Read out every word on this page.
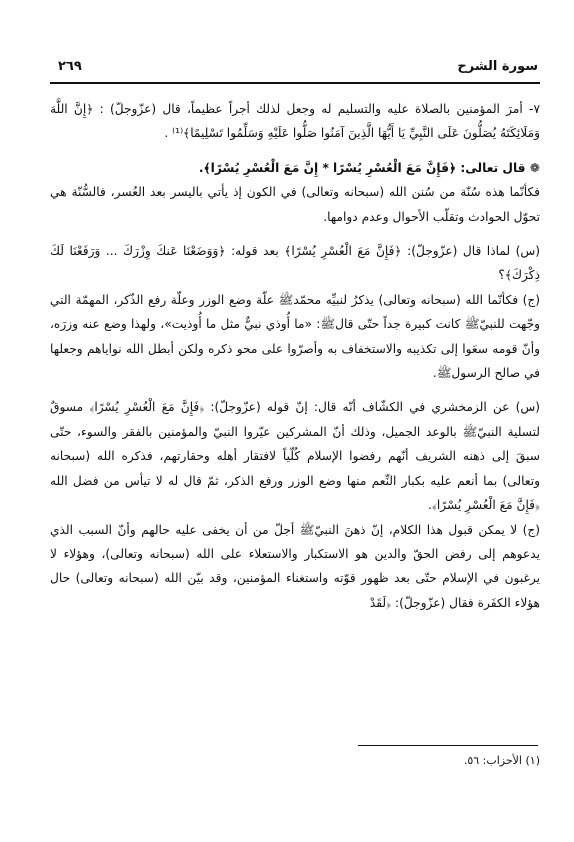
سورة الشرح
٢٦٩

٧- أمرَ المؤمنين بالصلاة عليه والتسليم له وجعل لذلك أجراً عظيماً، قال (عزّوجلّ) : ﴿إِنَّ اللَّهَ وَمَلَائِكَتَهُ يُصَلُّونَ عَلَى النَّبِيِّ يَا أَيُّهَا الَّذِينَ آمَنُوا صَلُّوا عَلَيْهِ وَسَلِّمُوا تَسْلِيمًا﴾⁽¹⁾ .

❁ قال تعالى: ﴿فَإِنَّ مَعَ الْعُسْرِ يُسْرًا * إِنَّ مَعَ الْعُسْرِ يُسْرًا﴾.

فكأنّما هذه سُنّة من سُنن الله (سبحانه وتعالى) في الكون إذ يأتي باليسر بعد العُسر، فالسُّنّة هي تحوّل الحوادث وتقلّب الأحوال وعدم دوامها.

(س) لماذا قال (عزّوجلّ): ﴿فَإِنَّ مَعَ الْعُسْرِ يُسْرًا﴾ بعد قوله: ﴿وَوَضَعْنَا عَنكَ وِزْرَكَ ... وَرَفَعْنَا لَكَ ذِكْرَكَ﴾؟

(ج) فكأنّما الله (سبحانه وتعالى) يذكرُ لنبيِّه محمّدﷺ علّة وضع الوزر وعلّة رفع الذّكر، المهمّة التي وجّهت للنبيّﷺ كانت كبيرة جداً حتّى قالﷺ: «ما أُوذي نبيٌّ مثل ما أُوذيت»، ولهذا وضع عنه وزرَه، وأنّ قومه سعَوا إلى تكذيبه والاستخفاف به وأصرّوا على محو ذكره ولكن أبطل الله نواياهم وجعلها في صالح الرسولﷺ.

(س) عن الزمخشري في الكشّاف أنّه قال: إنّ قوله (عزّوجلّ): ﴿فَإِنَّ مَعَ الْعُسْرِ يُسْرًا﴾ مسوقٌ لتسلية النبيّﷺ بالوعد الجميل، وذلك أنّ المشركين عيّروا النبيّ والمؤمنين بالفقر والسوء، حتّى سبقَ إلى ذهنه الشريف أنّهم رفضوا الإسلام كُلّياً لافتقار أهله وحقارتهم، فذكره الله (سبحانه وتعالى) بما أنعم عليه بكبار النِّعم منها وضع الوزر ورفع الذكر، ثمّ قال له لا تيأس من فضل الله ﴿فَإِنَّ مَعَ الْعُسْرِ يُسْرًا﴾.

(ج) لا يمكن قبول هذا الكلام، إنّ ذهنَ النبيّﷺ أجلّ من أن يخفى عليه حالهم وأنّ السبب الذي يدعوهم إلى رفض الحقّ والدين هو الاستكبار والاستعلاء على الله (سبحانه وتعالى)، وهؤلاء لا يرغبون في الإسلام حتّى بعد ظهور قوّته واستغناء المؤمنين، وقد بيّن الله (سبحانه وتعالى) حال هؤلاء الكفَرة فقال (عزّوجلّ): ﴿لَقَدْ

(١) الأحزاب: ٥٦.
